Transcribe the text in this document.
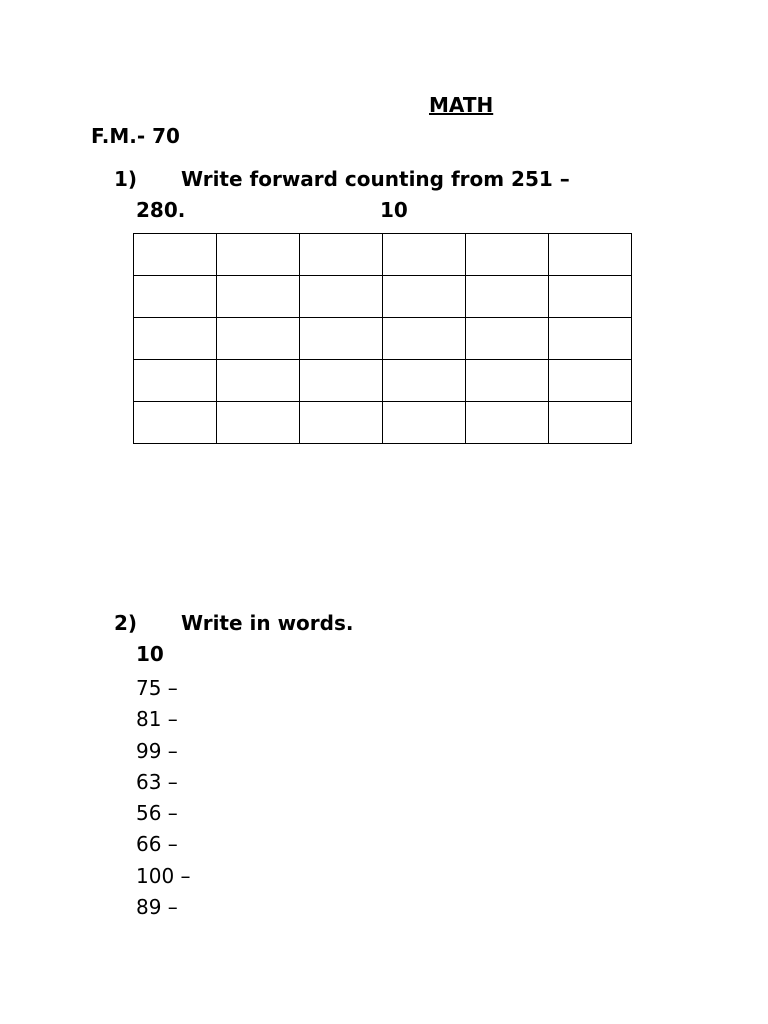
MATH
F.M.- 70
1) Write forward counting from 251 –
280.	10

2) Write in words.
10
75 –
81 –
99 –
63 –
56 –
66 –
100 –
89 –
